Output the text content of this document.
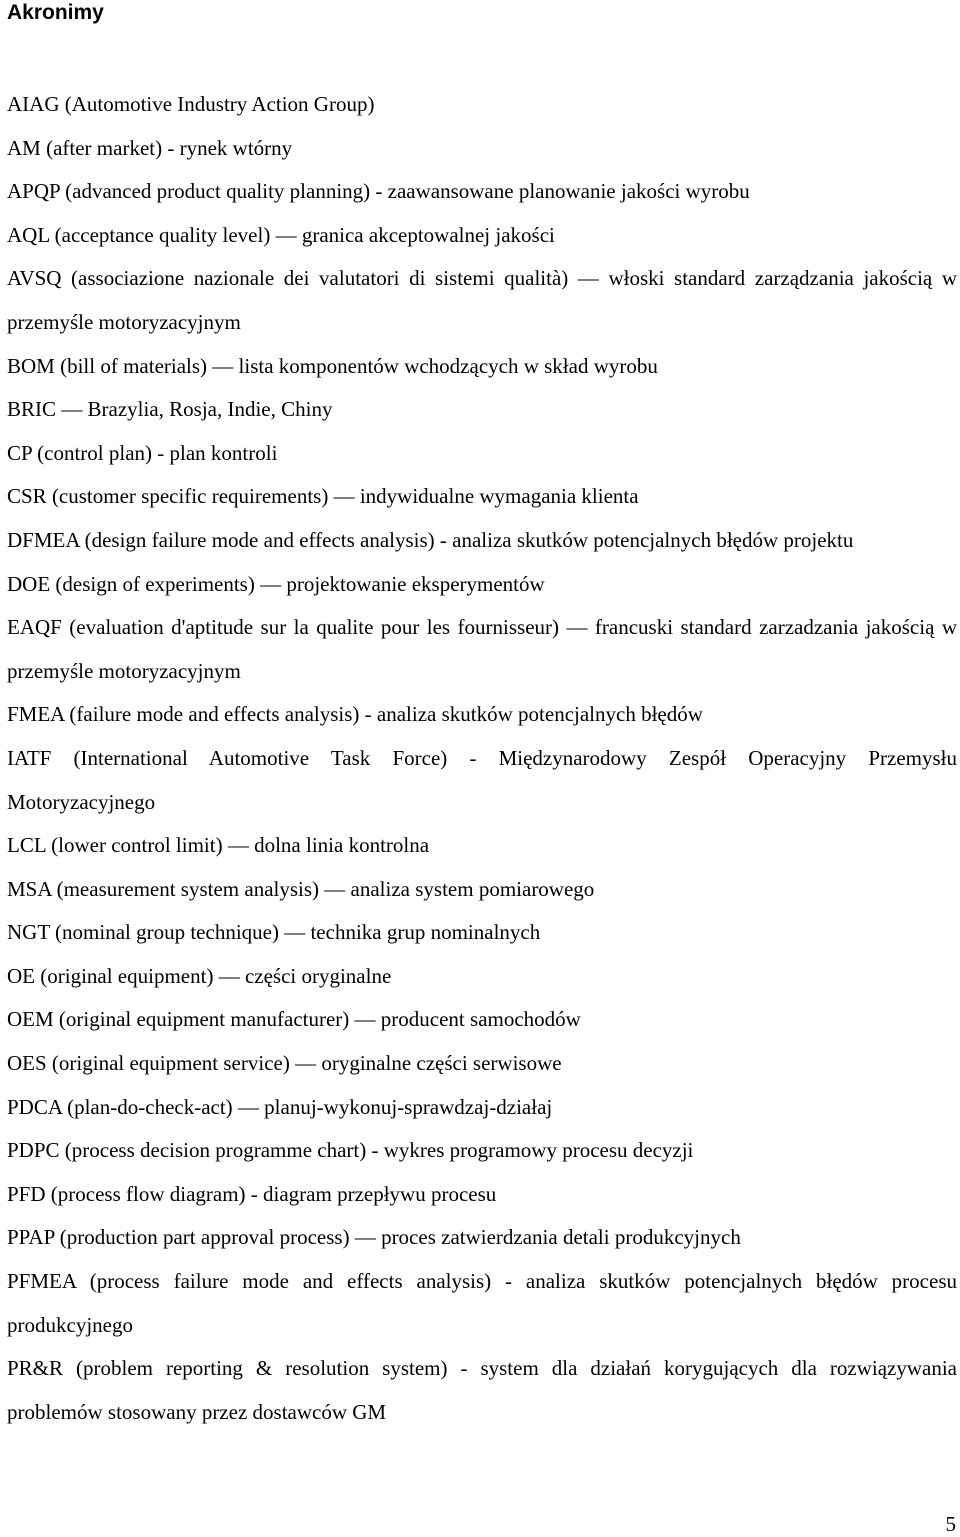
Akronimy
AIAG (Automotive Industry Action Group)
AM (after market) - rynek wtórny
APQP (advanced product quality planning) - zaawansowane planowanie jakości wyrobu
AQL (acceptance quality level) ― granica akceptowalnej jakości
AVSQ (associazione nazionale dei valutatori di sistemi qualità) ― włoski standard zarządzania jakością w przemyśle motoryzacyjnym
BOM (bill of materials) ― lista komponentów wchodzących w skład wyrobu
BRIC ― Brazylia, Rosja, Indie, Chiny
CP (control plan) - plan kontroli
CSR (customer specific requirements) ― indywidualne wymagania klienta
DFMEA (design failure mode and effects analysis) - analiza skutków potencjalnych błędów projektu
DOE (design of experiments) ― projektowanie eksperymentów
EAQF (evaluation d'aptitude sur la qualite pour les fournisseur) ― francuski standard zarzadzania jakością w przemyśle motoryzacyjnym
FMEA (failure mode and effects analysis) - analiza skutków potencjalnych błędów
IATF (International Automotive Task Force) - Międzynarodowy Zespół Operacyjny Przemysłu Motoryzacyjnego
LCL (lower control limit) ― dolna linia kontrolna
MSA (measurement system analysis) ― analiza system pomiarowego
NGT (nominal group technique) ― technika grup nominalnych
OE (original equipment) ― części oryginalne
OEM (original equipment manufacturer) ― producent samochodów
OES (original equipment service) ― oryginalne części serwisowe
PDCA (plan-do-check-act) ― planuj-wykonuj-sprawdzaj-działaj
PDPC (process decision programme chart) - wykres programowy procesu decyzji
PFD (process flow diagram) - diagram przepływu procesu
PPAP (production part approval process) ― proces zatwierdzania detali produkcyjnych
PFMEA (process failure mode and effects analysis) - analiza skutków potencjalnych błędów procesu produkcyjnego
PR&R (problem reporting & resolution system) - system dla działań korygujących dla rozwiązywania problemów stosowany przez dostawców GM
5
